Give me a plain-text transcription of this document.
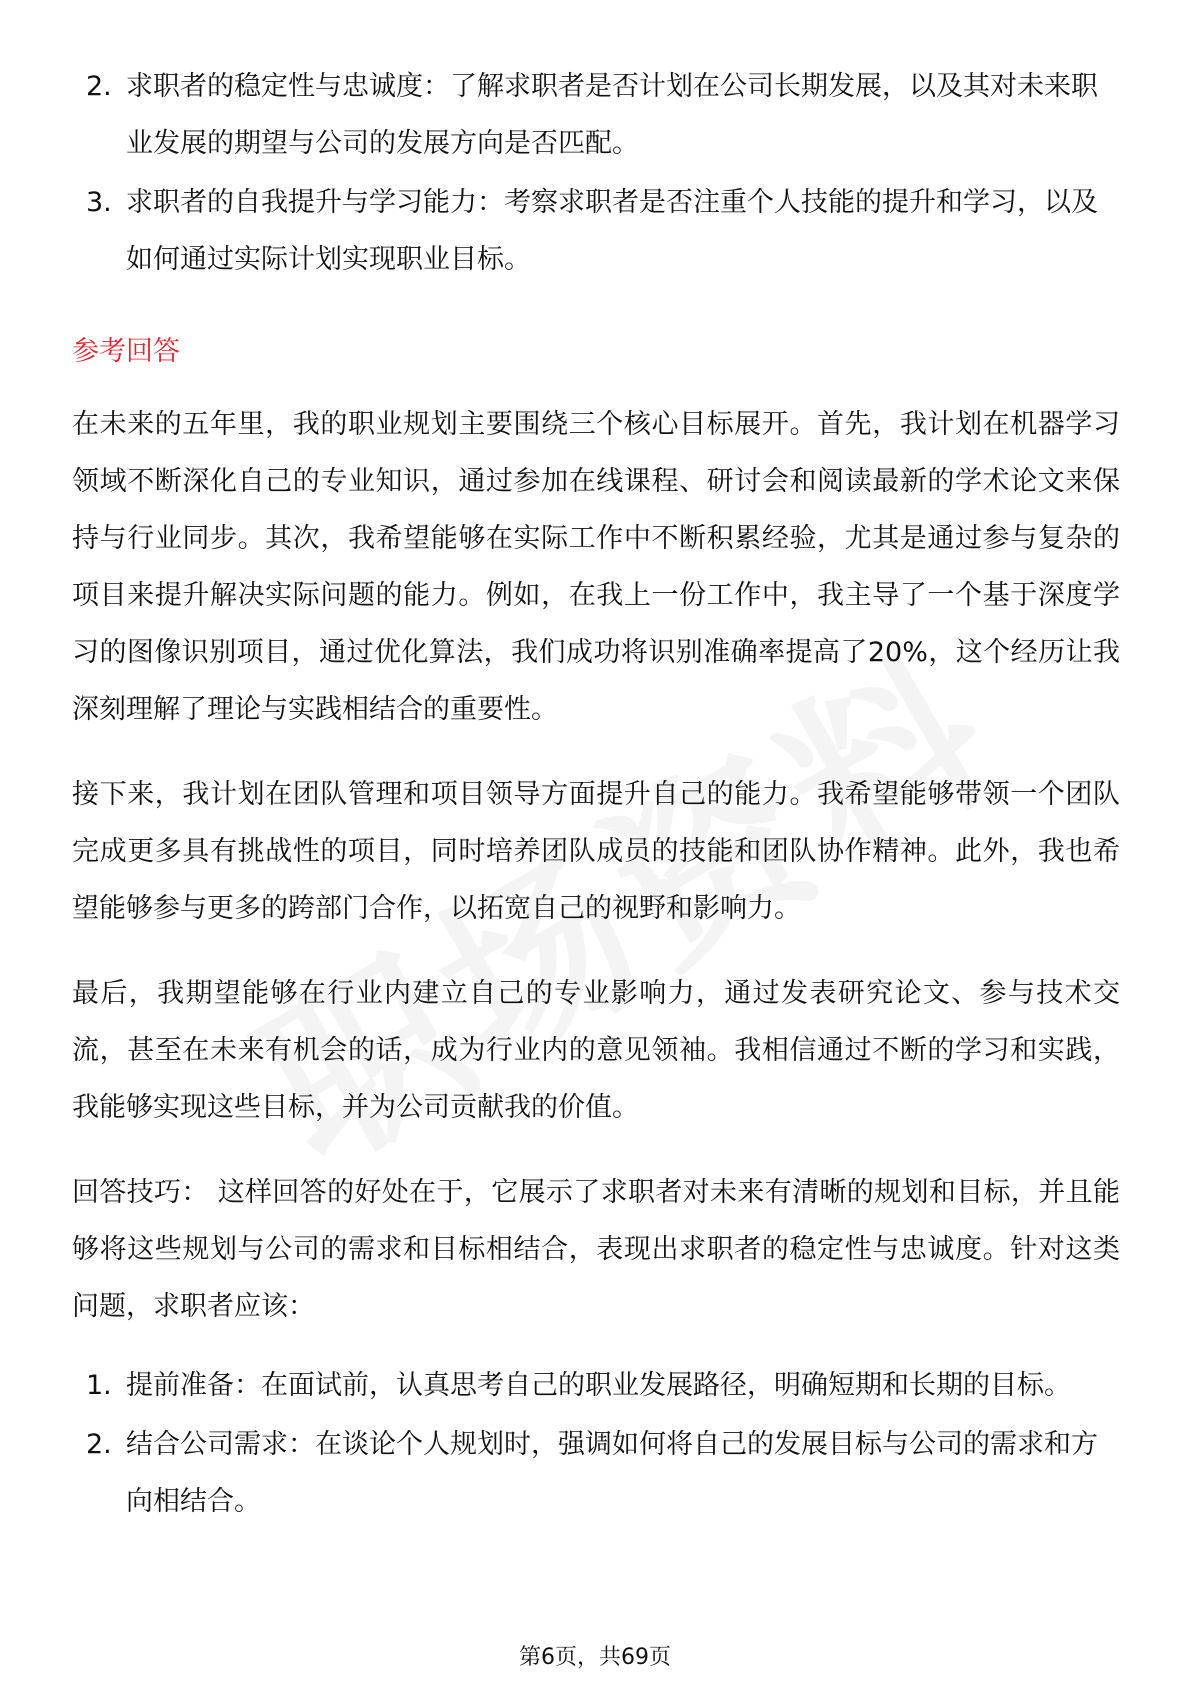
2. 求职者的稳定性与忠诚度：了解求职者是否计划在公司长期发展，以及其对未来职业发展的期望与公司的发展方向是否匹配。
3. 求职者的自我提升与学习能力：考察求职者是否注重个人技能的提升和学习，以及如何通过实际计划实现职业目标。
参考回答

在未来的五年里，我的职业规划主要围绕三个核心目标展开。首先，我计划在机器学习领域不断深化自己的专业知识，通过参加在线课程、研讨会和阅读最新的学术论文来保持与行业同步。其次，我希望能够在实际工作中不断积累经验，尤其是通过参与复杂的项目来提升解决实际问题的能力。例如，在我上一份工作中，我主导了一个基于深度学习的图像识别项目，通过优化算法，我们成功将识别准确率提高了20%，这个经历让我深刻理解了理论与实践相结合的重要性。

接下来，我计划在团队管理和项目领导方面提升自己的能力。我希望能够带领一个团队完成更多具有挑战性的项目，同时培养团队成员的技能和团队协作精神。此外，我也希望能够参与更多的跨部门合作，以拓宽自己的视野和影响力。

最后，我期望能够在行业内建立自己的专业影响力，通过发表研究论文、参与技术交流，甚至在未来有机会的话，成为行业内的意见领袖。我相信通过不断的学习和实践，我能够实现这些目标，并为公司贡献我的价值。

回答技巧： 这样回答的好处在于，它展示了求职者对未来有清晰的规划和目标，并且能够将这些规划与公司的需求和目标相结合，表现出求职者的稳定性与忠诚度。针对这类问题，求职者应该：

1. 提前准备：在面试前，认真思考自己的职业发展路径，明确短期和长期的目标。
2. 结合公司需求：在谈论个人规划时，强调如何将自己的发展目标与公司的需求和方向相结合。
第6页，共69页
